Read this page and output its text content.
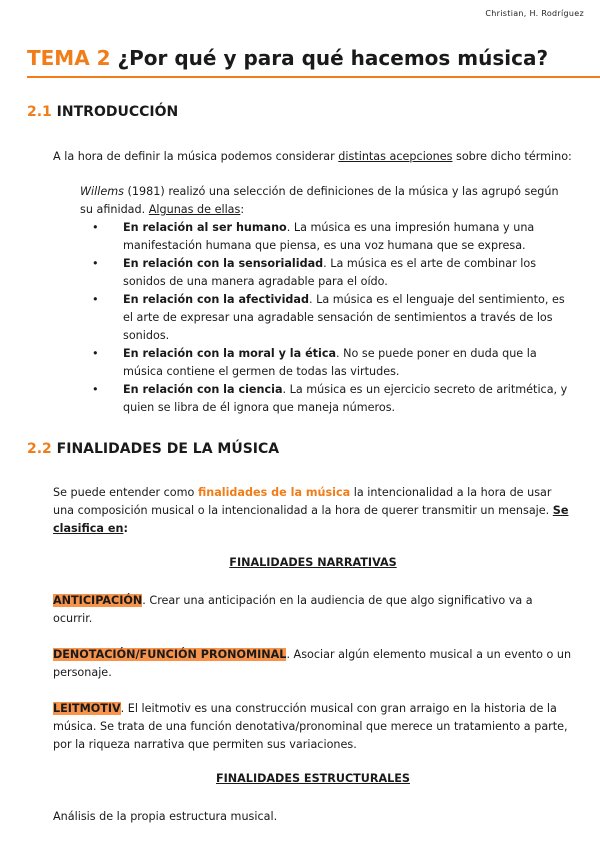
Christian, H. Rodríguez
TEMA 2 ¿Por qué y para qué hacemos música?
2.1 INTRODUCCIÓN
A la hora de definir la música podemos considerar distintas acepciones sobre dicho término:
Willems (1981) realizó una selección de definiciones de la música y las agrupó según su afinidad. Algunas de ellas:
• En relación al ser humano. La música es una impresión humana y una manifestación humana que piensa, es una voz humana que se expresa.
• En relación con la sensorialidad. La música es el arte de combinar los sonidos de una manera agradable para el oído.
• En relación con la afectividad. La música es el lenguaje del sentimiento, es el arte de expresar una agradable sensación de sentimientos a través de los sonidos.
• En relación con la moral y la ética. No se puede poner en duda que la música contiene el germen de todas las virtudes.
• En relación con la ciencia. La música es un ejercicio secreto de aritmética, y quien se libra de él ignora que maneja números.
2.2 FINALIDADES DE LA MÚSICA
Se puede entender como finalidades de la música la intencionalidad a la hora de usar una composición musical o la intencionalidad a la hora de querer transmitir un mensaje. Se clasifica en:
FINALIDADES NARRATIVAS
ANTICIPACIÓN. Crear una anticipación en la audiencia de que algo significativo va a ocurrir.
DENOTACIÓN/FUNCIÓN PRONOMINAL. Asociar algún elemento musical a un evento o un personaje.
LEITMOTIV. El leitmotiv es una construcción musical con gran arraigo en la historia de la música. Se trata de una función denotativa/pronominal que merece un tratamiento a parte, por la riqueza narrativa que permiten sus variaciones.
FINALIDADES ESTRUCTURALES
Análisis de la propia estructura musical.
